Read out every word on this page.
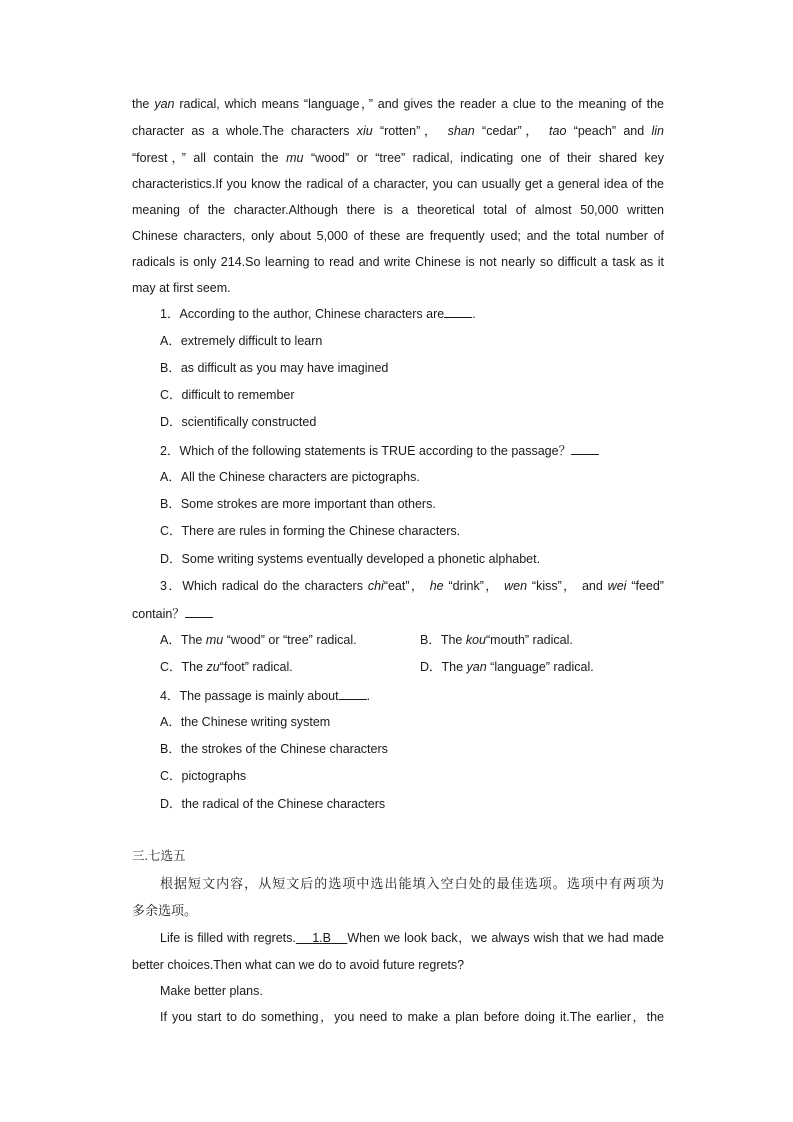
the yan radical, which means “language，” and gives the reader a clue to the meaning of the
character as a whole.The characters xiu “rotten”， shan “cedar”， tao “peach” and lin
“forest，” all contain the mu “wood” or “tree” radical, indicating one of their shared key
characteristics.If you know the radical of a character, you can usually get a general idea of the
meaning of the character.Although there is a theoretical total of almost 50,000 written
Chinese characters, only about 5,000 of these are frequently used; and the total number of
radicals is only 214.So learning to read and write Chinese is not nearly so difficult a task as it
may at first seem.
1．According to the author, Chinese characters are .
A．extremely difficult to learn
B．as difficult as you may have imagined
C．difficult to remember
D．scientifically constructed
2．Which of the following statements is TRUE according to the passage？
A．All the Chinese characters are pictographs.
B．Some strokes are more important than others.
C．There are rules in forming the Chinese characters.
D．Some writing systems eventually developed a phonetic alphabet.
3．Which radical do the characters chi“eat”， he “drink”， wen “kiss”， and wei “feed”
contain？
A．The mu “wood” or “tree” radical.	B．The kou“mouth” radical.
C．The zu“foot” radical.	D．The yan “language” radical.
4．The passage is mainly about .
A．the Chinese writing system
B．the strokes of the Chinese characters
C．pictographs
D．the radical of the Chinese characters
三.七选五
根据短文内容，从短文后的选项中选出能填入空白处的最佳选项。选项中有两项为
多余选项。
Life is filled with regrets.    1.B    When we look back，we always wish that we had made
better choices.Then what can we do to avoid future regrets?
Make better plans.
If you start to do something，you need to make a plan before doing it.The earlier，the
